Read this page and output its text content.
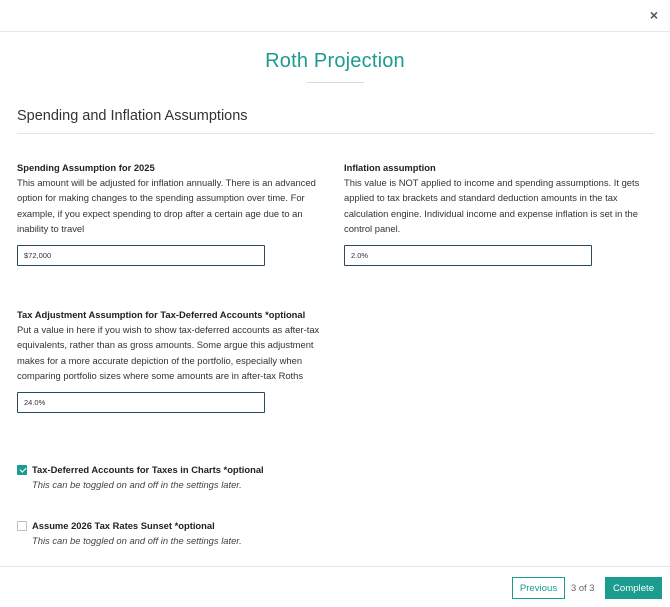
×
Roth Projection
Spending and Inflation Assumptions
Spending Assumption for 2025
This amount will be adjusted for inflation annually. There is an advanced option for making changes to the spending assumption over time. For example, if you expect spending to drop after a certain age due to an inability to travel
$72,000
Inflation assumption
This value is NOT applied to income and spending assumptions. It gets applied to tax brackets and standard deduction amounts in the tax calculation engine. Individual income and expense inflation is set in the control panel.
2.0%
Tax Adjustment Assumption for Tax-Deferred Accounts *optional
Put a value in here if you wish to show tax-deferred accounts as after-tax equivalents, rather than as gross amounts. Some argue this adjustment makes for a more accurate depiction of the portfolio, especially when comparing portfolio sizes where some amounts are in after-tax Roths
24.0%
Tax-Deferred Accounts for Taxes in Charts *optional
This can be toggled on and off in the settings later.
Assume 2026 Tax Rates Sunset *optional
This can be toggled on and off in the settings later.
Previous	3 of 3	Complete
